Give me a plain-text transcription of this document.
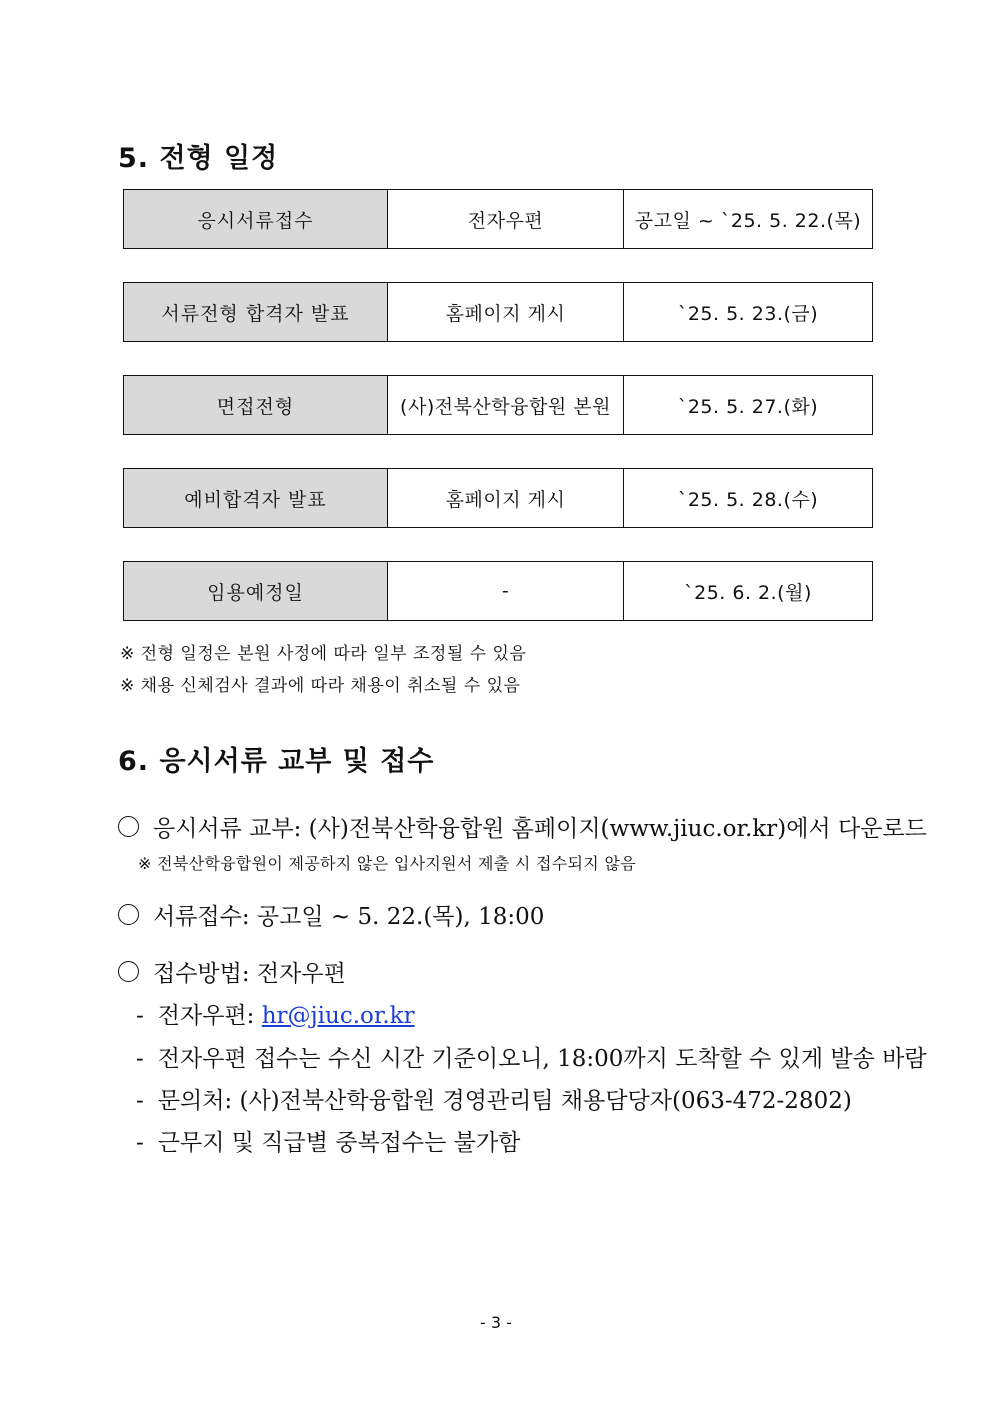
5. 전형 일정
응시서류접수	전자우편	공고일 ~ `25. 5. 22.(목)
서류전형 합격자 발표	홈페이지 게시	`25. 5. 23.(금)
면접전형	(사)전북산학융합원 본원	`25. 5. 27.(화)
예비합격자 발표	홈페이지 게시	`25. 5. 28.(수)
임용예정일	-	`25. 6. 2.(월)

※ 전형 일정은 본원 사정에 따라 일부 조정될 수 있음

※ 채용 신체검사 결과에 따라 채용이 취소될 수 있음

6. 응시서류 교부 및 접수

응시서류 교부: (사)전북산학융합원 홈페이지(www.jiuc.or.kr)에서 다운로드

※ 전북산학융합원이 제공하지 않은 입사지원서 제출 시 접수되지 않음

서류접수: 공고일 ~ 5. 22.(목), 18:00

접수방법: 전자우편

- 전자우편: hr@jiuc.or.kr

- 전자우편 접수는 수신 시간 기준이오니, 18:00까지 도착할 수 있게 발송 바람

- 문의처: (사)전북산학융합원 경영관리팀 채용담당자(063-472-2802)

- 근무지 및 직급별 중복접수는 불가함

- 3 -
